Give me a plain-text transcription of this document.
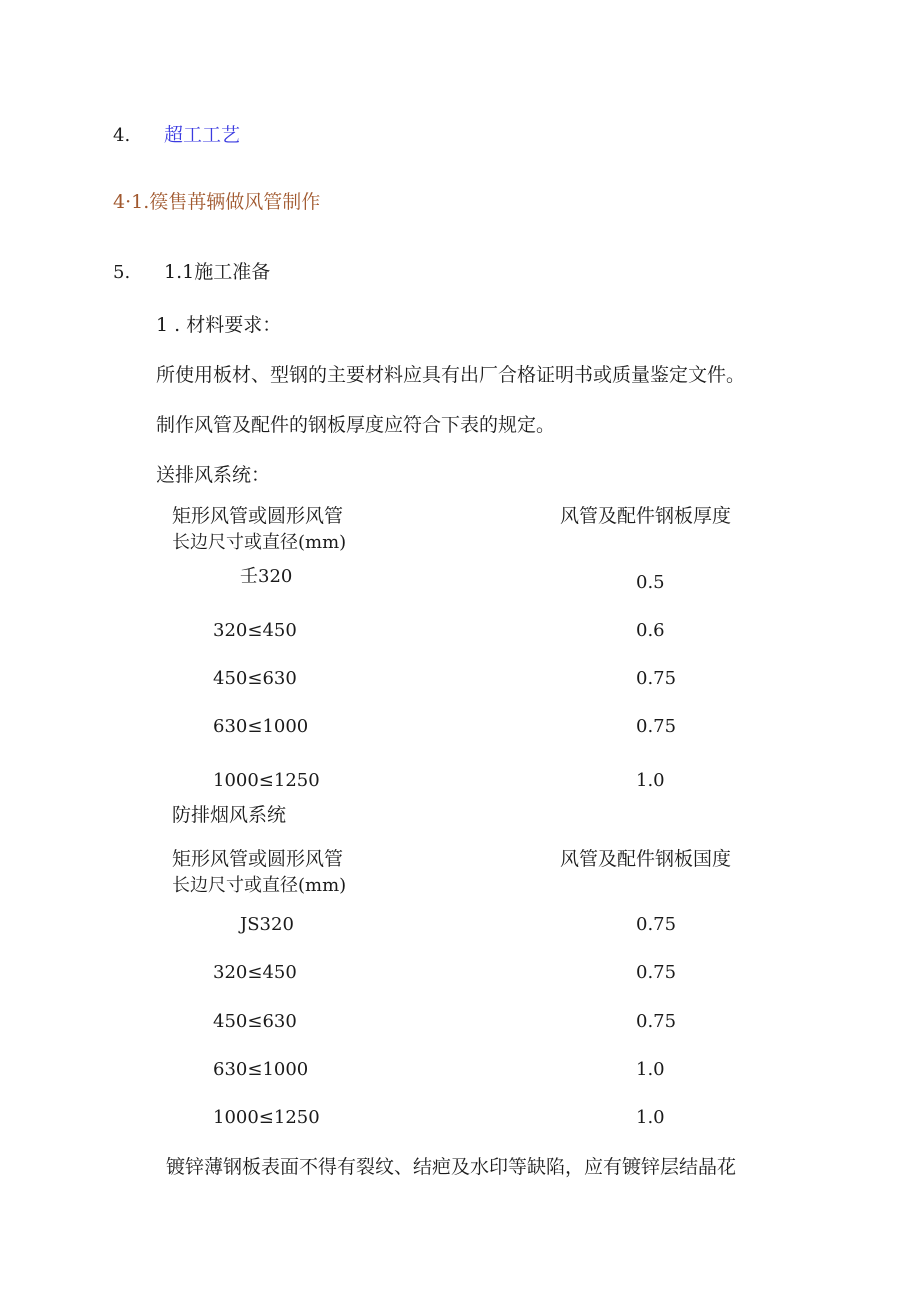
4. 超工工艺
4·1.篌售苒辆做风管制作
5. 1.1施工准备
1 . 材料要求：
所使用板材、型钢的主要材料应具有出厂合格证明书或质量鉴定文件。
制作风管及配件的钢板厚度应符合下表的规定。
送排风系统：
矩形风管或圆形风管
长边尺寸或直径(mm)
风管及配件钢板厚度
壬320	0.5
320≤450	0.6
450≤630	0.75
630≤1000	0.75
1000≤1250	1.0
防排烟风系统
矩形风管或圆形风管
长边尺寸或直径(mm)
风管及配件钢板国度
JS320	0.75
320≤450	0.75
450≤630	0.75
630≤1000	1.0
1000≤1250	1.0
镀锌薄钢板表面不得有裂纹、结疤及水印等缺陷，应有镀锌层结晶花
